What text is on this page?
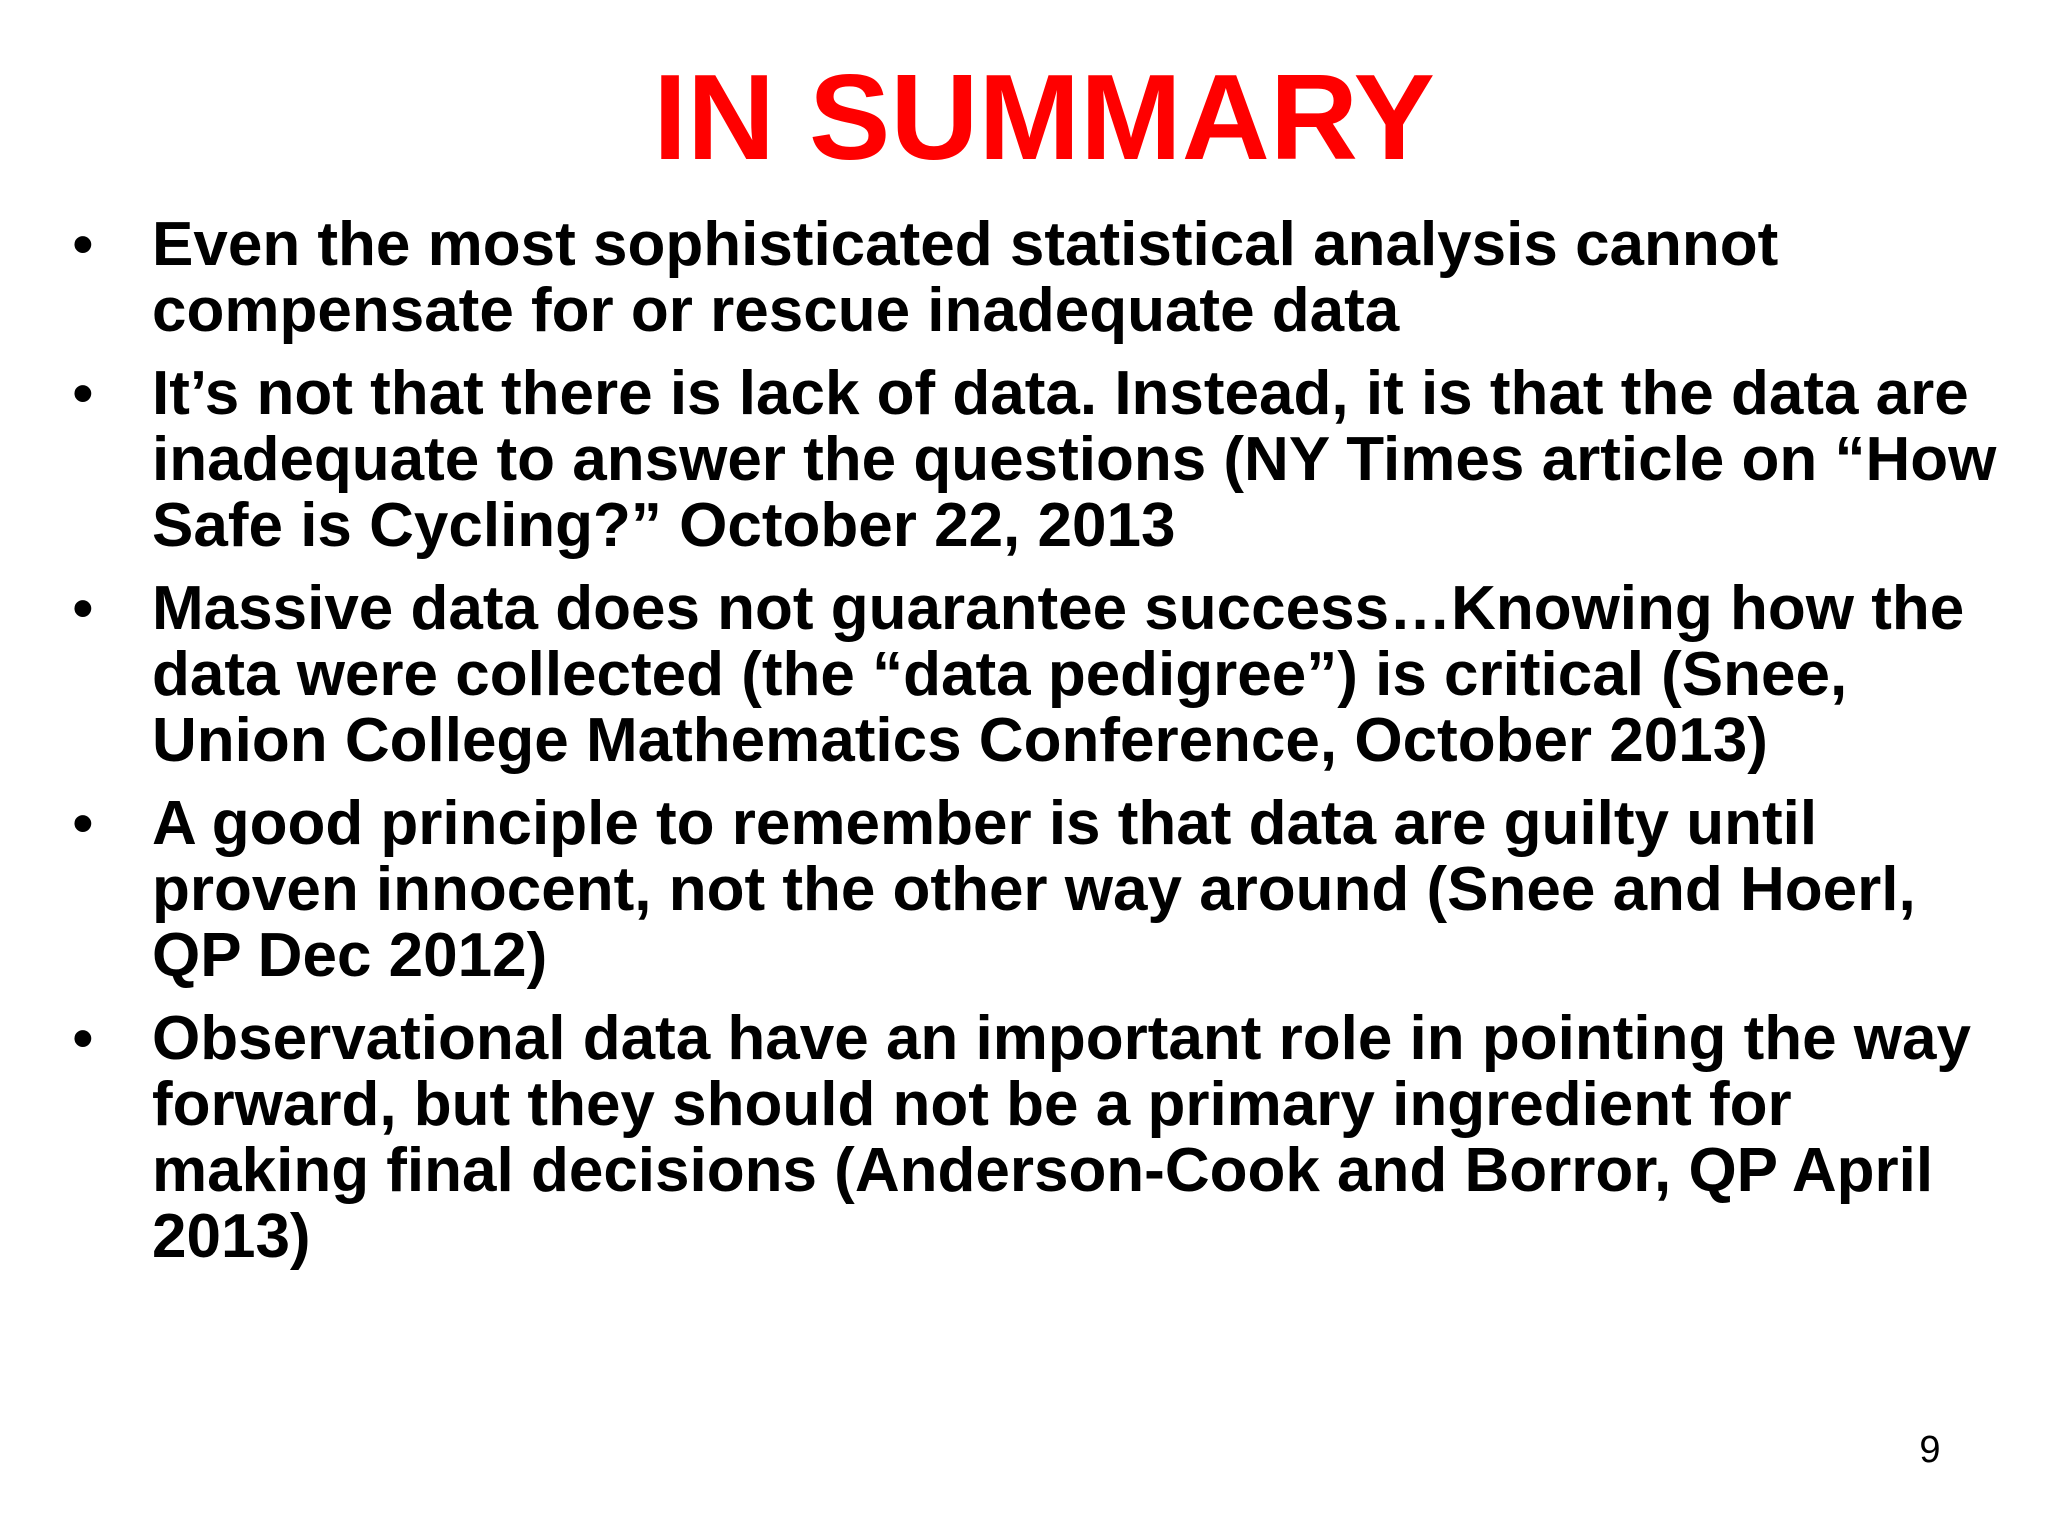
IN SUMMARY
• Even the most sophisticated statistical analysis cannot compensate for or rescue inadequate data
• It’s not that there is lack of data. Instead, it is that the data are inadequate to answer the questions (NY Times article on “How Safe is Cycling?” October 22, 2013
• Massive data does not guarantee success…Knowing how the data were collected (the “data pedigree”) is critical (Snee, Union College Mathematics Conference, October 2013)
• A good principle to remember is that data are guilty until proven innocent, not the other way around (Snee and Hoerl, QP Dec 2012)
• Observational data have an important role in pointing the way forward, but they should not be a primary ingredient for making final decisions (Anderson-Cook and Borror, QP April 2013)
9
